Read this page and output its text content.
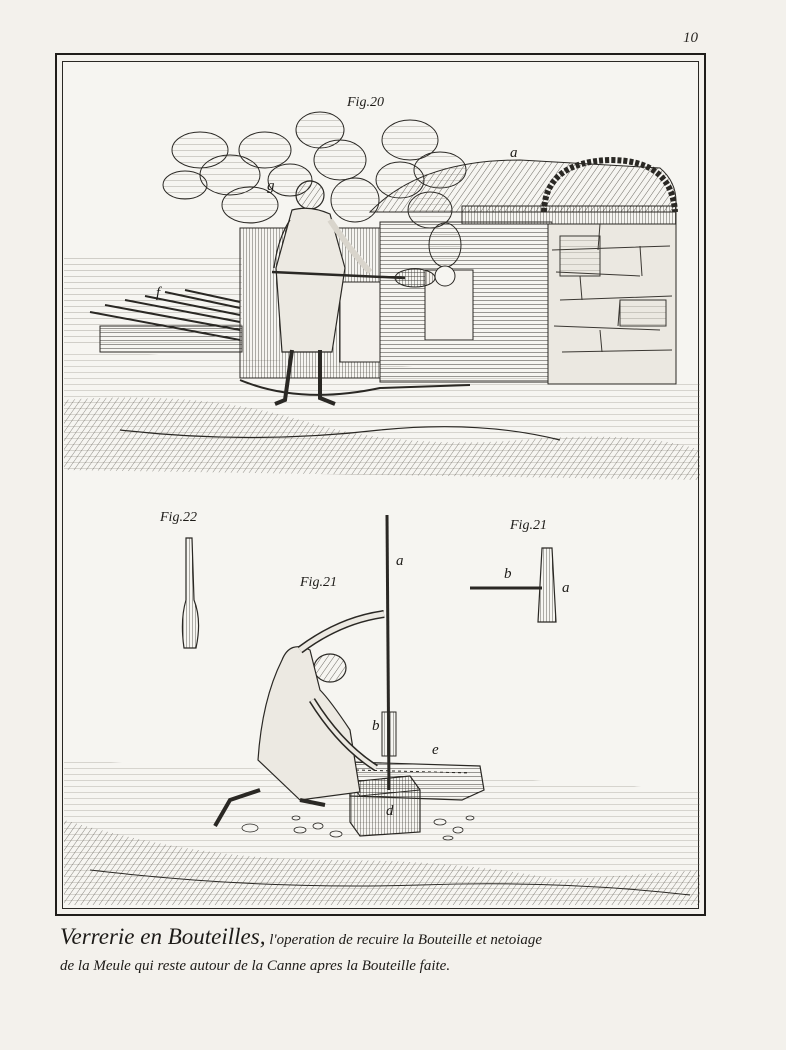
10
Fig.20
a
g
f
Fig.22
Fig.21
b
a
Fig.21
a
b
e
d
Verrerie en Bouteilles, l'operation de recuire la Bouteille et netoiage
de la Meule qui reste autour de la Canne apres la Bouteille faite.
